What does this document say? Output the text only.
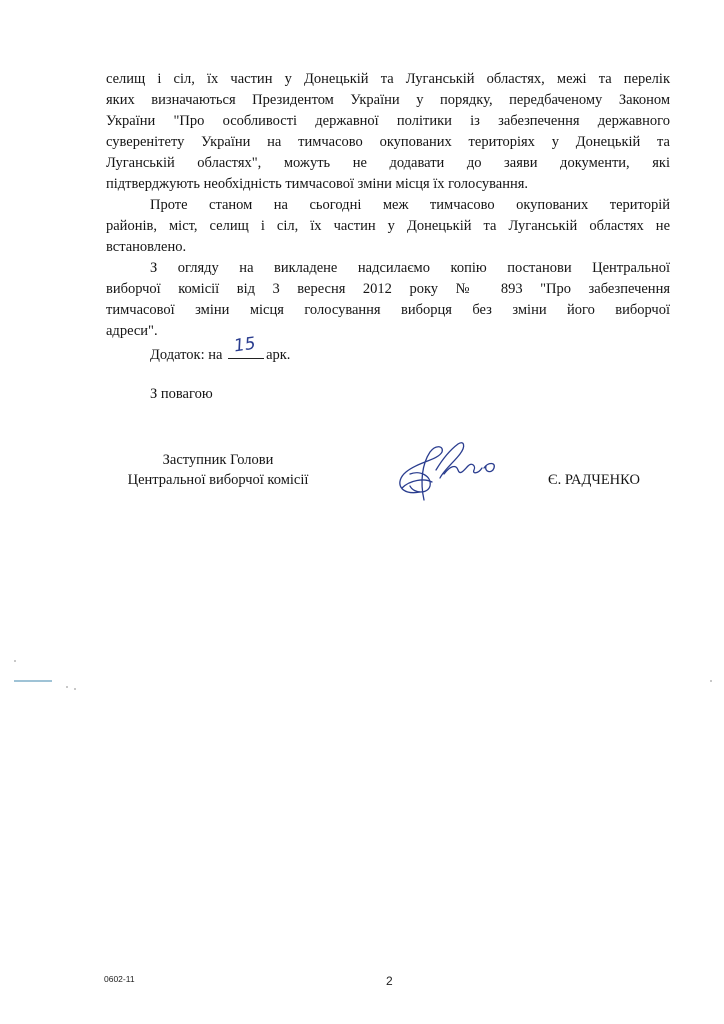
селищ і сіл, їх частин у Донецькій та Луганській областях, межі та перелік
яких визначаються Президентом України у порядку, передбаченому Законом
України "Про особливості державної політики із забезпечення державного
суверенітету України на тимчасово окупованих територіях у Донецькій та
Луганській областях", можуть не додавати до заяви документи, які
підтверджують необхідність тимчасової зміни місця їх голосування.

Проте станом на сьогодні меж тимчасово окупованих територій
районів, міст, селищ і сіл, їх частин у Донецькій та Луганській областях не
встановлено.

З огляду на викладене надсилаємо копію постанови Центральної
виборчої комісії від 3 вересня 2012 року № 893 "Про забезпечення
тимчасової зміни місця голосування виборця без зміни його виборчої
адреси".

Додаток: на 15 арк.
З повагою
Заступник Голови
Центральної виборчої комісії	Є. РАДЧЕНКО
0602-11	2
